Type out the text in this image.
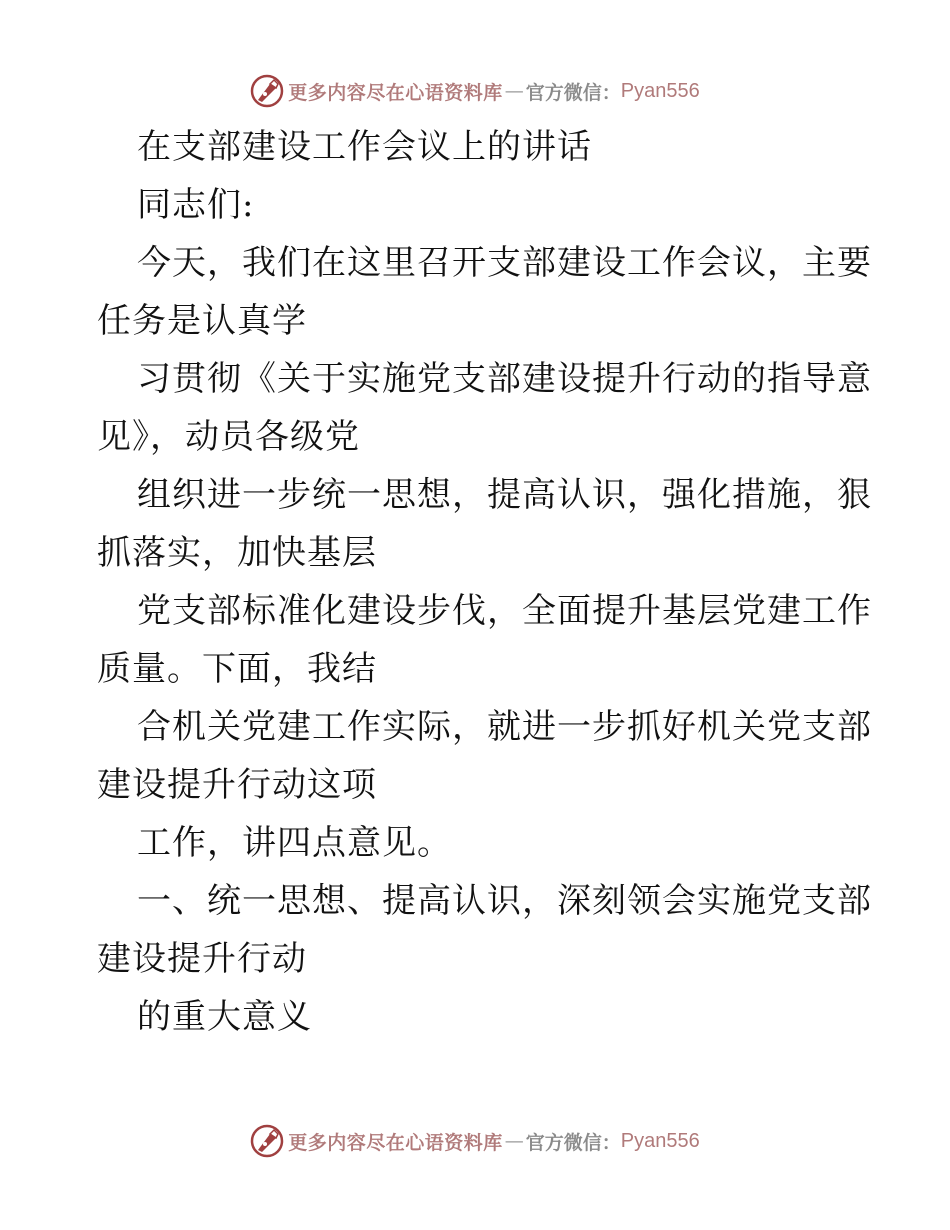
更多内容尽在心语资料库 — 官方微信： Pyan556
在支部建设工作会议上的讲话
同志们:
今天，我们在这里召开支部建设工作会议，主要
任务是认真学
习贯彻《关于实施党支部建设提升行动的指导意
见》，动员各级党
组织进一步统一思想，提高认识，强化措施，狠
抓落实，加快基层
党支部标准化建设步伐，全面提升基层党建工作
质量。下面，我结
合机关党建工作实际，就进一步抓好机关党支部
建设提升行动这项
工作，讲四点意见。
一、统一思想、提高认识，深刻领会实施党支部
建设提升行动
的重大意义
更多内容尽在心语资料库 — 官方微信： Pyan556
